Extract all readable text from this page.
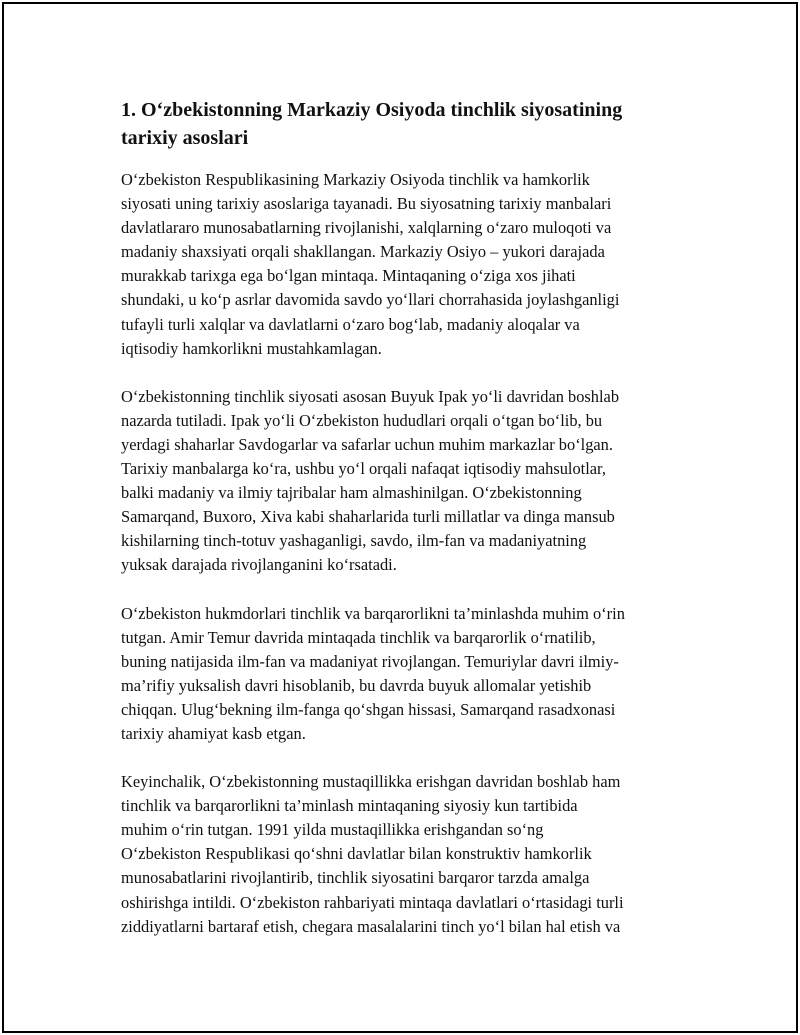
1. O‘zbekistonning Markaziy Osiyoda tinchlik siyosatining
tarixiy asoslari

O‘zbekiston Respublikasining Markaziy Osiyoda tinchlik va hamkorlik
siyosati uning tarixiy asoslariga tayanadi. Bu siyosatning tarixiy manbalari
davlatlararo munosabatlarning rivojlanishi, xalqlarning o‘zaro muloqoti va
madaniy shaxsiyati orqali shakllangan. Markaziy Osiyo – yukori darajada
murakkab tarixga ega bo‘lgan mintaqa. Mintaqaning o‘ziga xos jihati
shundaki, u ko‘p asrlar davomida savdo yo‘llari chorrahasida joylashganligi
tufayli turli xalqlar va davlatlarni o‘zaro bog‘lab, madaniy aloqalar va
iqtisodiy hamkorlikni mustahkamlagan.

O‘zbekistonning tinchlik siyosati asosan Buyuk Ipak yo‘li davridan boshlab
nazarda tutiladi. Ipak yo‘li O‘zbekiston hududlari orqali o‘tgan bo‘lib, bu
yerdagi shaharlar Savdogarlar va safarlar uchun muhim markazlar bo‘lgan.
Tarixiy manbalarga ko‘ra, ushbu yo‘l orqali nafaqat iqtisodiy mahsulotlar,
balki madaniy va ilmiy tajribalar ham almashinilgan. O‘zbekistonning
Samarqand, Buxoro, Xiva kabi shaharlarida turli millatlar va dinga mansub
kishilarning tinch-totuv yashaganligi, savdo, ilm-fan va madaniyatning
yuksak darajada rivojlanganini ko‘rsatadi.

O‘zbekiston hukmdorlari tinchlik va barqarorlikni ta’minlashda muhim o‘rin
tutgan. Amir Temur davrida mintaqada tinchlik va barqarorlik o‘rnatilib,
buning natijasida ilm-fan va madaniyat rivojlangan. Temuriylar davri ilmiy-
ma’rifiy yuksalish davri hisoblanib, bu davrda buyuk allomalar yetishib
chiqqan. Ulug‘bekning ilm-fanga qo‘shgan hissasi, Samarqand rasadxonasi
tarixiy ahamiyat kasb etgan.

Keyinchalik, O‘zbekistonning mustaqillikka erishgan davridan boshlab ham
tinchlik va barqarorlikni ta’minlash mintaqaning siyosiy kun tartibida
muhim o‘rin tutgan. 1991 yilda mustaqillikka erishgandan so‘ng
O‘zbekiston Respublikasi qo‘shni davlatlar bilan konstruktiv hamkorlik
munosabatlarini rivojlantirib, tinchlik siyosatini barqaror tarzda amalga
oshirishga intildi. O‘zbekiston rahbariyati mintaqa davlatlari o‘rtasidagi turli
ziddiyatlarni bartaraf etish, chegara masalalarini tinch yo‘l bilan hal etish va
